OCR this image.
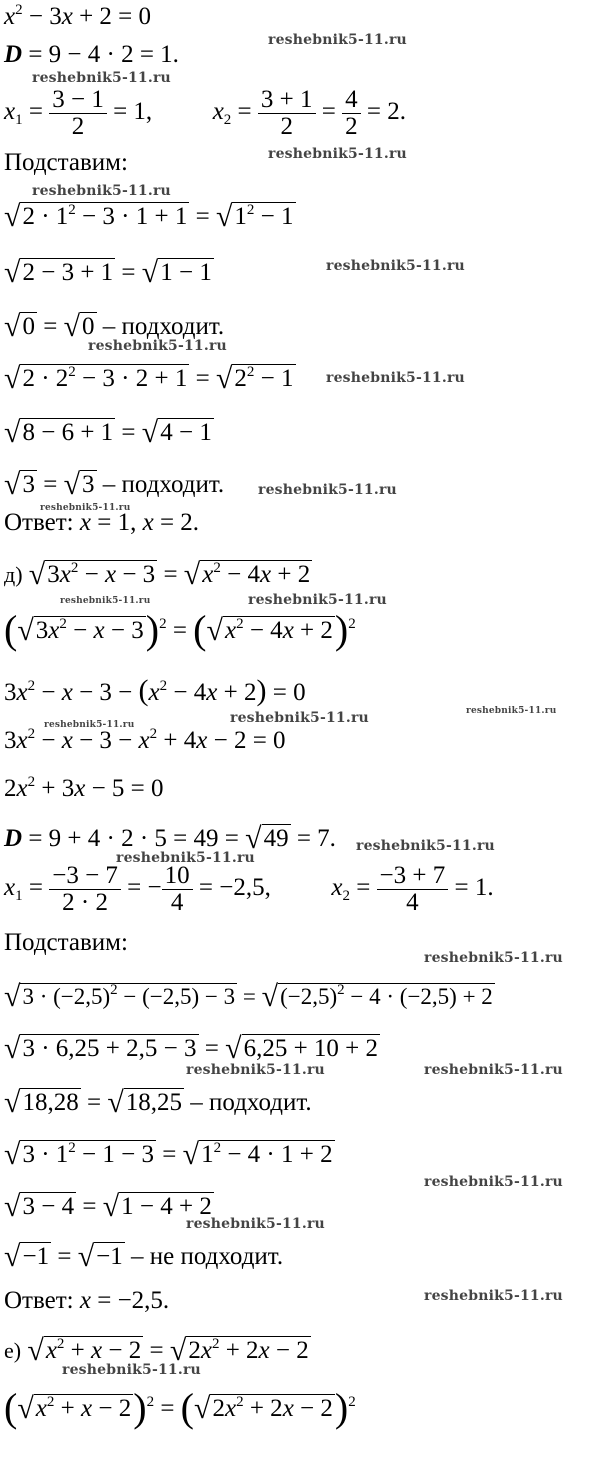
$x^2 - 3x + 2 = 0$
D = 9 − 4 · 2 = 1.
$x_1 = \frac{3 - 1}{2} = 1$,  $x_2 = \frac{3 + 1}{2} = \frac{4}{2} = 2$.
Подставим:
$√2 \cdot 1^2 - 3 \cdot 1 + 1 = √1^2 - 1$
√2 − 3 + 1 = √1 − 1
√0 = √0 – подходит.
$√2 \cdot 2^2 - 3 \cdot 2 + 1 = √2^2 - 1$
√8 − 6 + 1 = √4 − 1
√3 = √3 – подходит.
Ответ: x = 1, x = 2.
д) $√3x^2 - x - 3 = √x^2 - 4x + 2$
$(√3x^2 - x - 3)^2 = (√x^2 - 4x + 2)^2$
$3x^2 - x - 3 - (x^2 - 4x + 2) = 0$
$3x^2 - x - 3 - x^2 + 4x - 2 = 0$
$2x^2 + 3x - 5 = 0$
D = 9 + 4 · 2 · 5 = 49 = √49 = 7.
$x_1 = \frac{-3 - 7}{2 \cdot 2}$ = − $\frac{10}{4} = -2,5$,  $x_2 = \frac{-3 + 7}{4} = 1$.
Подставим:
$√3 \cdot (-2,5)^2 - (-2,5) - 3 = √(-2,5)^2 - 4 \cdot (-2,5) + 2$
√3 · 6,25 + 2,5 − 3 = √6,25 + 10 + 2
√18,28 = √18,25 – подходит.
$√3 \cdot 1^2 - 1 - 3 = √1^2 - 4 \cdot 1 + 2$
√3 − 4 = √1 − 4 + 2
√−1 = √−1 – не подходит.
Ответ: x = −2,5.
е) $√x^2 + x - 2 = √2x^2 + 2x - 2$
$(√x^2 + x - 2)^2 = (√2x^2 + 2x - 2)^2$
reshebnik5-11.ru
reshebnik5-11.ru
reshebnik5-11.ru
reshebnik5-11.ru
reshebnik5-11.ru
reshebnik5-11.ru
reshebnik5-11.ru
reshebnik5-11.ru
reshebnik5-11.ru
reshebnik5-11.ru	reshebnik5-11.ru
reshebnik5-11.ru	reshebnik5-11.ru	reshebnik5-11.ru
reshebnik5-11.ru
reshebnik5-11.ru
reshebnik5-11.ru
reshebnik5-11.ru	reshebnik5-11.ru
reshebnik5-11.ru
reshebnik5-11.ru
reshebnik5-11.ru
reshebnik5-11.ru
